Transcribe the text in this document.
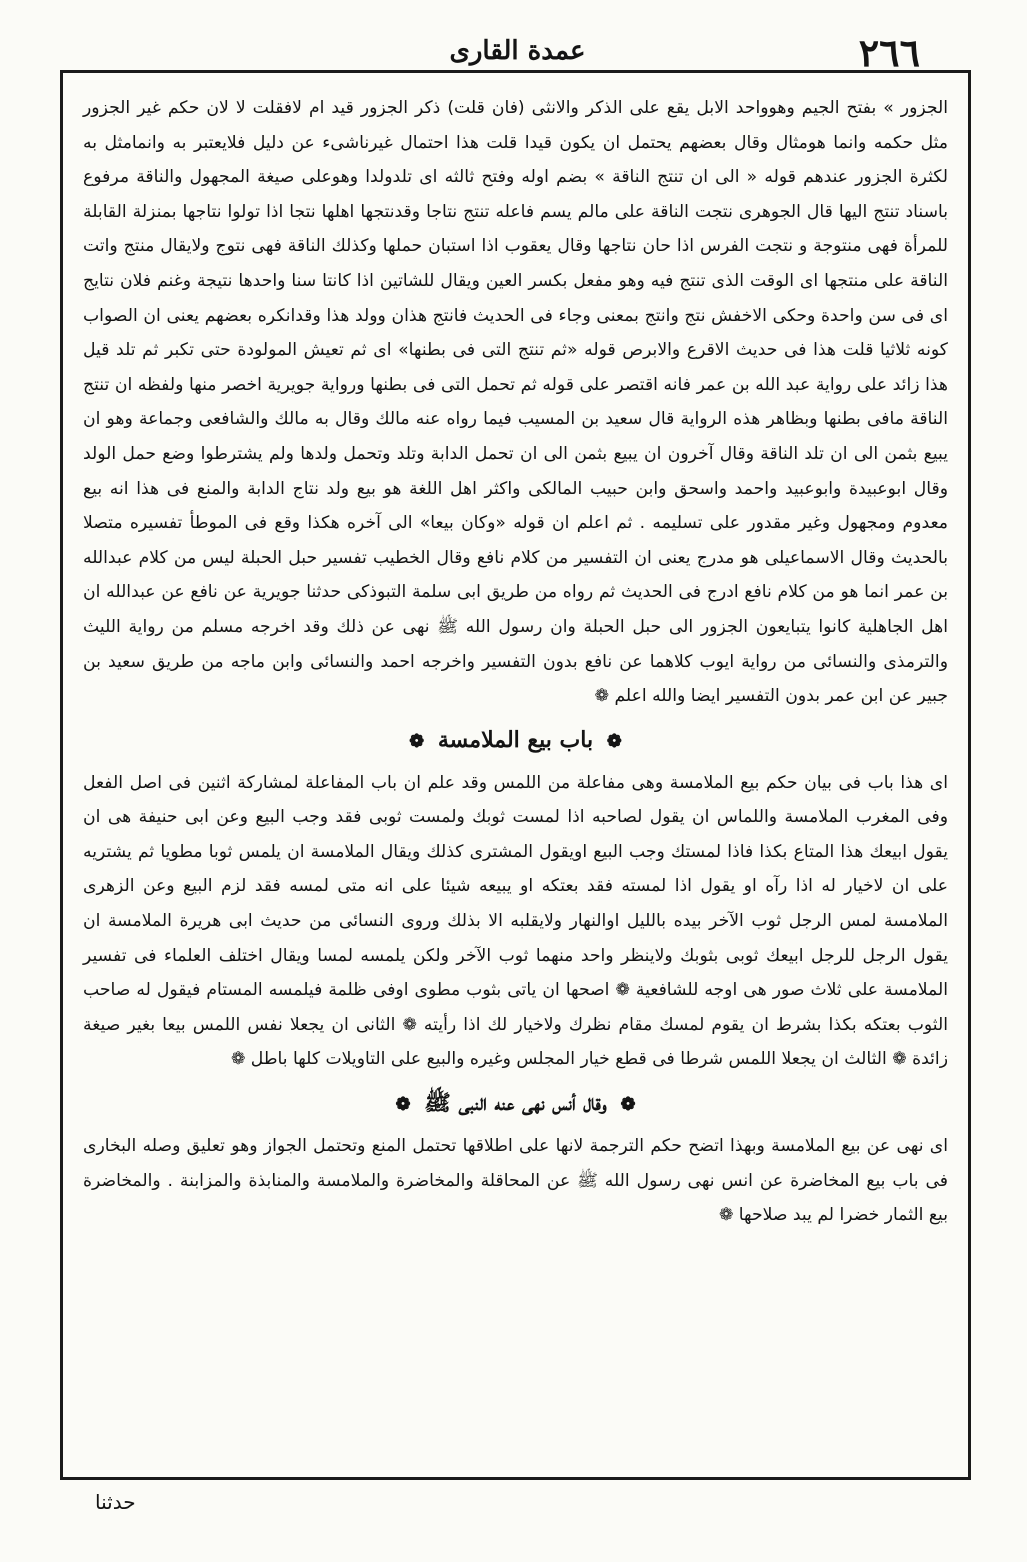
٢٦٦
عمدة القارى

الجزور » بفتح الجيم وهوواحد الابل يقع على الذكر والانثى (فان قلت) ذكر الجزور قيد ام لافقلت لا لان حكم غير الجزور مثل حكمه وانما هومثال وقال بعضهم يحتمل ان يكون قيدا قلت هذا احتمال غيرناشىء عن دليل فلايعتبر به وانمامثل به لكثرة الجزور عندهم قوله « الى ان تنتج الناقة » بضم اوله وفتح ثالثه اى تلدولدا وهوعلى صيغة المجهول والناقة مرفوع باسناد تنتج اليها قال الجوهرى نتجت الناقة على مالم يسم فاعله تنتج نتاجا وقدنتجها اهلها نتجا اذا تولوا نتاجها بمنزلة القابلة للمرأة فهى منتوجة و نتجت الفرس اذا حان نتاجها وقال يعقوب اذا استبان حملها وكذلك الناقة فهى نتوج ولايقال منتج واتت الناقة على منتجها اى الوقت الذى تنتج فيه وهو مفعل بكسر العين ويقال للشاتين اذا كانتا سنا واحدها نتيجة وغنم فلان نتايج اى فى سن واحدة وحكى الاخفش نتج وانتج بمعنى وجاء فى الحديث فانتج هذان وولد هذا وقدانكره بعضهم يعنى ان الصواب كونه ثلاثيا قلت هذا فى حديث الاقرع والابرص قوله «ثم تنتج التى فى بطنها» اى ثم تعيش المولودة حتى تكبر ثم تلد قيل هذا زائد على رواية عبد الله بن عمر فانه اقتصر على قوله ثم تحمل التى فى بطنها ورواية جويرية اخصر منها ولفظه ان تنتج الناقة مافى بطنها وبظاهر هذه الرواية قال سعيد بن المسيب فيما رواه عنه مالك وقال به مالك والشافعى وجماعة وهو ان يبيع بثمن الى ان تلد الناقة وقال آخرون ان يبيع بثمن الى ان تحمل الدابة وتلد وتحمل ولدها ولم يشترطوا وضع حمل الولد وقال ابوعبيدة وابوعبيد واحمد واسحق وابن حبيب المالكى واكثر اهل اللغة هو بيع ولد نتاج الدابة والمنع فى هذا انه بيع معدوم ومجهول وغير مقدور على تسليمه . ثم اعلم ان قوله «وكان بيعا» الى آخره هكذا وقع فى الموطأ تفسيره متصلا بالحديث وقال الاسماعيلى هو مدرج يعنى ان التفسير من كلام نافع وقال الخطيب تفسير حبل الحبلة ليس من كلام عبدالله بن عمر انما هو من كلام نافع ادرج فى الحديث ثم رواه من طريق ابى سلمة التبوذكى حدثنا جويرية عن نافع عن عبدالله ان اهل الجاهلية كانوا يتبايعون الجزور الى حبل الحبلة وان رسول الله ﷺ نهى عن ذلك وقد اخرجه مسلم من رواية الليث والترمذى والنسائى من رواية ايوب كلاهما عن نافع بدون التفسير واخرجه احمد والنسائى وابن ماجه من طريق سعيد بن جبير عن ابن عمر بدون التفسير ايضا والله اعلم ❁

❁ باب بيع الملامسة ❁

اى هذا باب فى بيان حكم بيع الملامسة وهى مفاعلة من اللمس وقد علم ان باب المفاعلة لمشاركة اثنين فى اصل الفعل وفى المغرب الملامسة واللماس ان يقول لصاحبه اذا لمست ثوبك ولمست ثوبى فقد وجب البيع وعن ابى حنيفة هى ان يقول ابيعك هذا المتاع بكذا فاذا لمستك وجب البيع اويقول المشترى كذلك ويقال الملامسة ان يلمس ثوبا مطويا ثم يشتريه على ان لاخيار له اذا رآه او يقول اذا لمسته فقد بعتكه او يبيعه شيئا على انه متى لمسه فقد لزم البيع وعن الزهرى الملامسة لمس الرجل ثوب الآخر بيده بالليل اوالنهار ولايقلبه الا بذلك وروى النسائى من حديث ابى هريرة الملامسة ان يقول الرجل للرجل ابيعك ثوبى بثوبك ولاينظر واحد منهما ثوب الآخر ولكن يلمسه لمسا ويقال اختلف العلماء فى تفسير الملامسة على ثلاث صور هى اوجه للشافعية ❁ اصحها ان ياتى بثوب مطوى اوفى ظلمة فيلمسه المستام فيقول له صاحب الثوب بعتكه بكذا بشرط ان يقوم لمسك مقام نظرك ولاخيار لك اذا رأيته ❁ الثانى ان يجعلا نفس اللمس بيعا بغير صيغة زائدة ❁ الثالث ان يجعلا اللمس شرطا فى قطع خيار المجلس وغيره والبيع على التاويلات كلها باطل ❁

❁ وقال أنس نهى عنه النبى ﷺ ❁

اى نهى عن بيع الملامسة وبهذا اتضح حكم الترجمة لانها على اطلاقها تحتمل المنع وتحتمل الجواز وهو تعليق وصله البخارى فى باب بيع المخاضرة عن انس نهى رسول الله ﷺ عن المحاقلة والمخاضرة والملامسة والمنابذة والمزابنة . والمخاضرة بيع الثمار خضرا لم يبد صلاحها ❁

حدثنا
